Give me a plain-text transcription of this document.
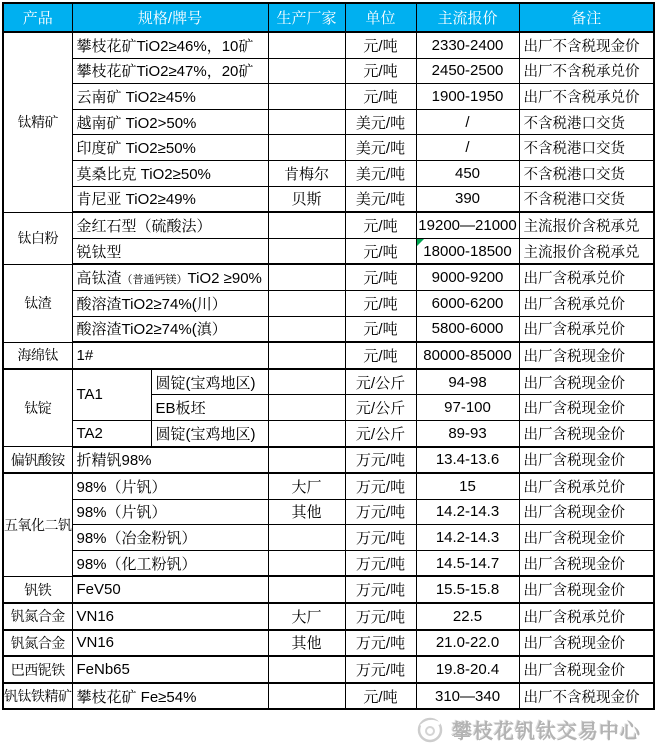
产品	规格/牌号		生产厂家	单位	主流报价	备注
钛精矿	攀枝花矿TiO2≥46%，10矿			元/吨	2330-2400	出厂不含税现金价
	攀枝花矿TiO2≥47%，20矿			元/吨	2450-2500	出厂不含税承兑价
	云南矿 TiO2≥45%			元/吨	1900-1950	出厂不含税承兑价
	越南矿 TiO2>50%			美元/吨	/	不含税港口交货
	印度矿 TiO2≥50%			美元/吨	/	不含税港口交货
	莫桑比克 TiO2≥50%		肯梅尔	美元/吨	450	不含税港口交货
	肯尼亚 TiO2≥49%		贝斯	美元/吨	390	不含税港口交货
钛白粉	金红石型（硫酸法）			元/吨	19200—21000	主流报价含税承兑
	锐钛型			元/吨	18000-18500	主流报价含税承兑
钛渣	高钛渣（普通钙镁）TiO2 ≥90%			元/吨	9000-9200	出厂含税承兑价
	酸溶渣TiO2≥74%(川）			元/吨	6000-6200	出厂含税承兑价
	酸溶渣TiO2≥74%(滇）			元/吨	5800-6000	出厂含税承兑价
海绵钛	1#			元/吨	80000-85000	出厂含税现金价
钛锭	TA1	圆锭(宝鸡地区)		元/公斤	94-98	出厂含税现金价
		EB板坯		元/公斤	97-100	出厂含税现金价
	TA2	圆锭(宝鸡地区)		元/公斤	89-93	出厂含税现金价
偏钒酸铵	折精钒98%			万元/吨	13.4-13.6	出厂含税现金价
五氧化二钒	98%（片钒）		大厂	万元/吨	15	出厂含税承兑价
	98%（片钒）		其他	万元/吨	14.2-14.3	出厂含税现金价
	98%（冶金粉钒）			万元/吨	14.2-14.3	出厂含税现金价
	98%（化工粉钒）			万元/吨	14.5-14.7	出厂含税现金价
钒铁	FeV50			万元/吨	15.5-15.8	出厂含税现金价
钒氮合金	VN16		大厂	万元/吨	22.5	出厂含税承兑价
钒氮合金	VN16		其他	万元/吨	21.0-22.0	出厂含税现金价
巴西铌铁	FeNb65			万元/吨	19.8-20.4	出厂含税现金价
钒钛铁精矿	攀枝花矿 Fe≥54%			元/吨	310—340	出厂不含税现金价
攀枝花钒钛交易中心
